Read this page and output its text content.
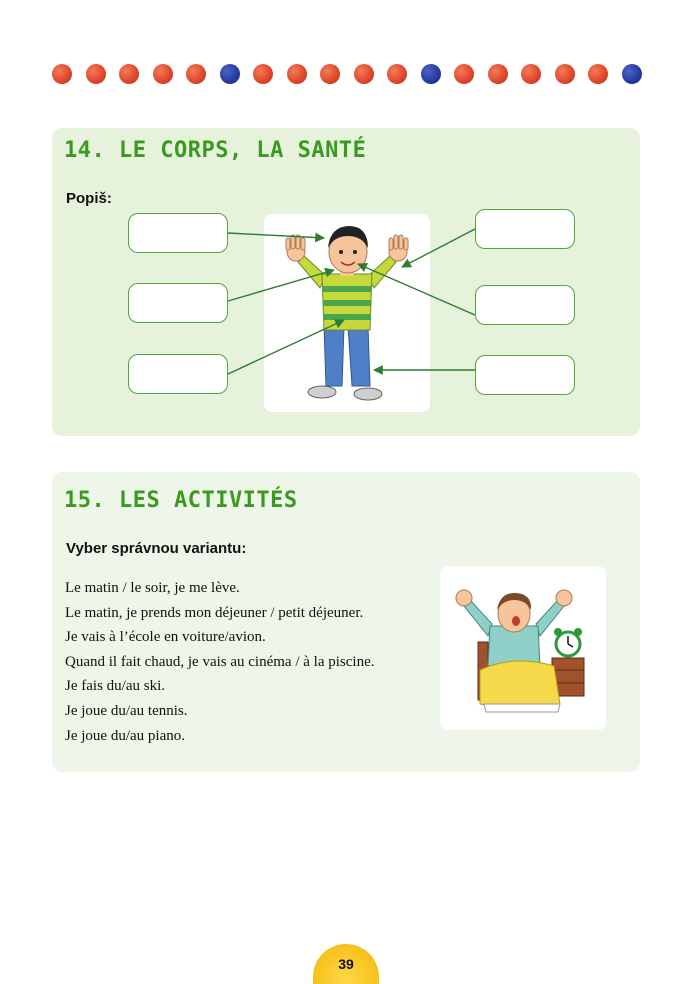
14. LE CORPS, LA SANTÉ
Popiš:
15. LES ACTIVITÉS
Vyber správnou variantu:
Le matin / le soir, je me lève.
Le matin, je prends mon déjeuner / petit déjeuner.
Je vais à l’école en voiture/avion.
Quand il fait chaud, je vais au cinéma / à la piscine.
Je fais du/au ski.
Je joue du/au tennis.
Je joue du/au piano.
39
